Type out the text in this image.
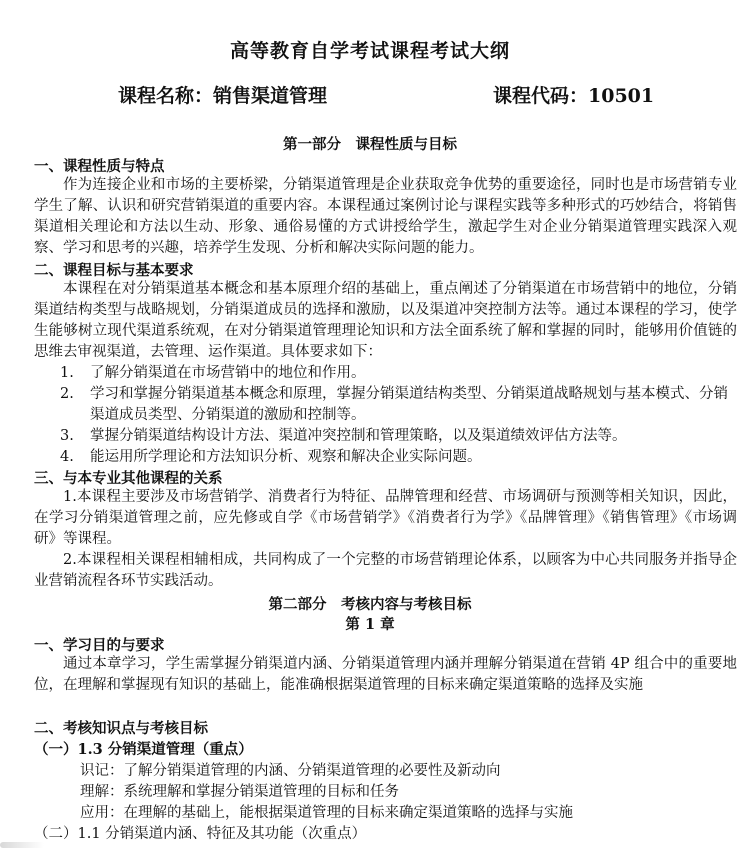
高等教育自学考试课程考试大纲
课程名称：销售渠道管理	课程代码：10501
第一部分　课程性质与目标
一、课程性质与特点
作为连接企业和市场的主要桥梁，分销渠道管理是企业获取竞争优势的重要途径，同时也是市场营销专业学生了解、认识和研究营销渠道的重要内容。本课程通过案例讨论与课程实践等多种形式的巧妙结合，将销售渠道相关理论和方法以生动、形象、通俗易懂的方式讲授给学生，激起学生对企业分销渠道管理实践深入观察、学习和思考的兴趣，培养学生发现、分析和解决实际问题的能力。
二、课程目标与基本要求
本课程在对分销渠道基本概念和基本原理介绍的基础上，重点阐述了分销渠道在市场营销中的地位，分销渠道结构类型与战略规划，分销渠道成员的选择和激励，以及渠道冲突控制方法等。通过本课程的学习，使学生能够树立现代渠道系统观，在对分销渠道管理理论知识和方法全面系统了解和掌握的同时，能够用价值链的思维去审视渠道，去管理、运作渠道。具体要求如下：
1. 了解分销渠道在市场营销中的地位和作用。
2. 学习和掌握分销渠道基本概念和原理，掌握分销渠道结构类型、分销渠道战略规划与基本模式、分销渠道成员类型、分销渠道的激励和控制等。
3. 掌握分销渠道结构设计方法、渠道冲突控制和管理策略，以及渠道绩效评估方法等。
4. 能运用所学理论和方法知识分析、观察和解决企业实际问题。
三、与本专业其他课程的关系
1.本课程主要涉及市场营销学、消费者行为特征、品牌管理和经营、市场调研与预测等相关知识，因此，在学习分销渠道管理之前，应先修或自学《市场营销学》《消费者行为学》《品牌管理》《销售管理》《市场调研》等课程。
2.本课程相关课程相辅相成，共同构成了一个完整的市场营销理论体系，以顾客为中心共同服务并指导企业营销流程各环节实践活动。
第二部分　考核内容与考核目标
第 1 章
一、学习目的与要求
通过本章学习，学生需掌握分销渠道内涵、分销渠道管理内涵并理解分销渠道在营销 4P 组合中的重要地位，在理解和掌握现有知识的基础上，能准确根据渠道管理的目标来确定渠道策略的选择及实施
二、考核知识点与考核目标
（一）1.3 分销渠道管理（重点）
识记：了解分销渠道管理的内涵、分销渠道管理的必要性及新动向
理解：系统理解和掌握分销渠道管理的目标和任务
应用：在理解的基础上，能根据渠道管理的目标来确定渠道策略的选择与实施
（二）1.1 分销渠道内涵、特征及其功能（次重点）
